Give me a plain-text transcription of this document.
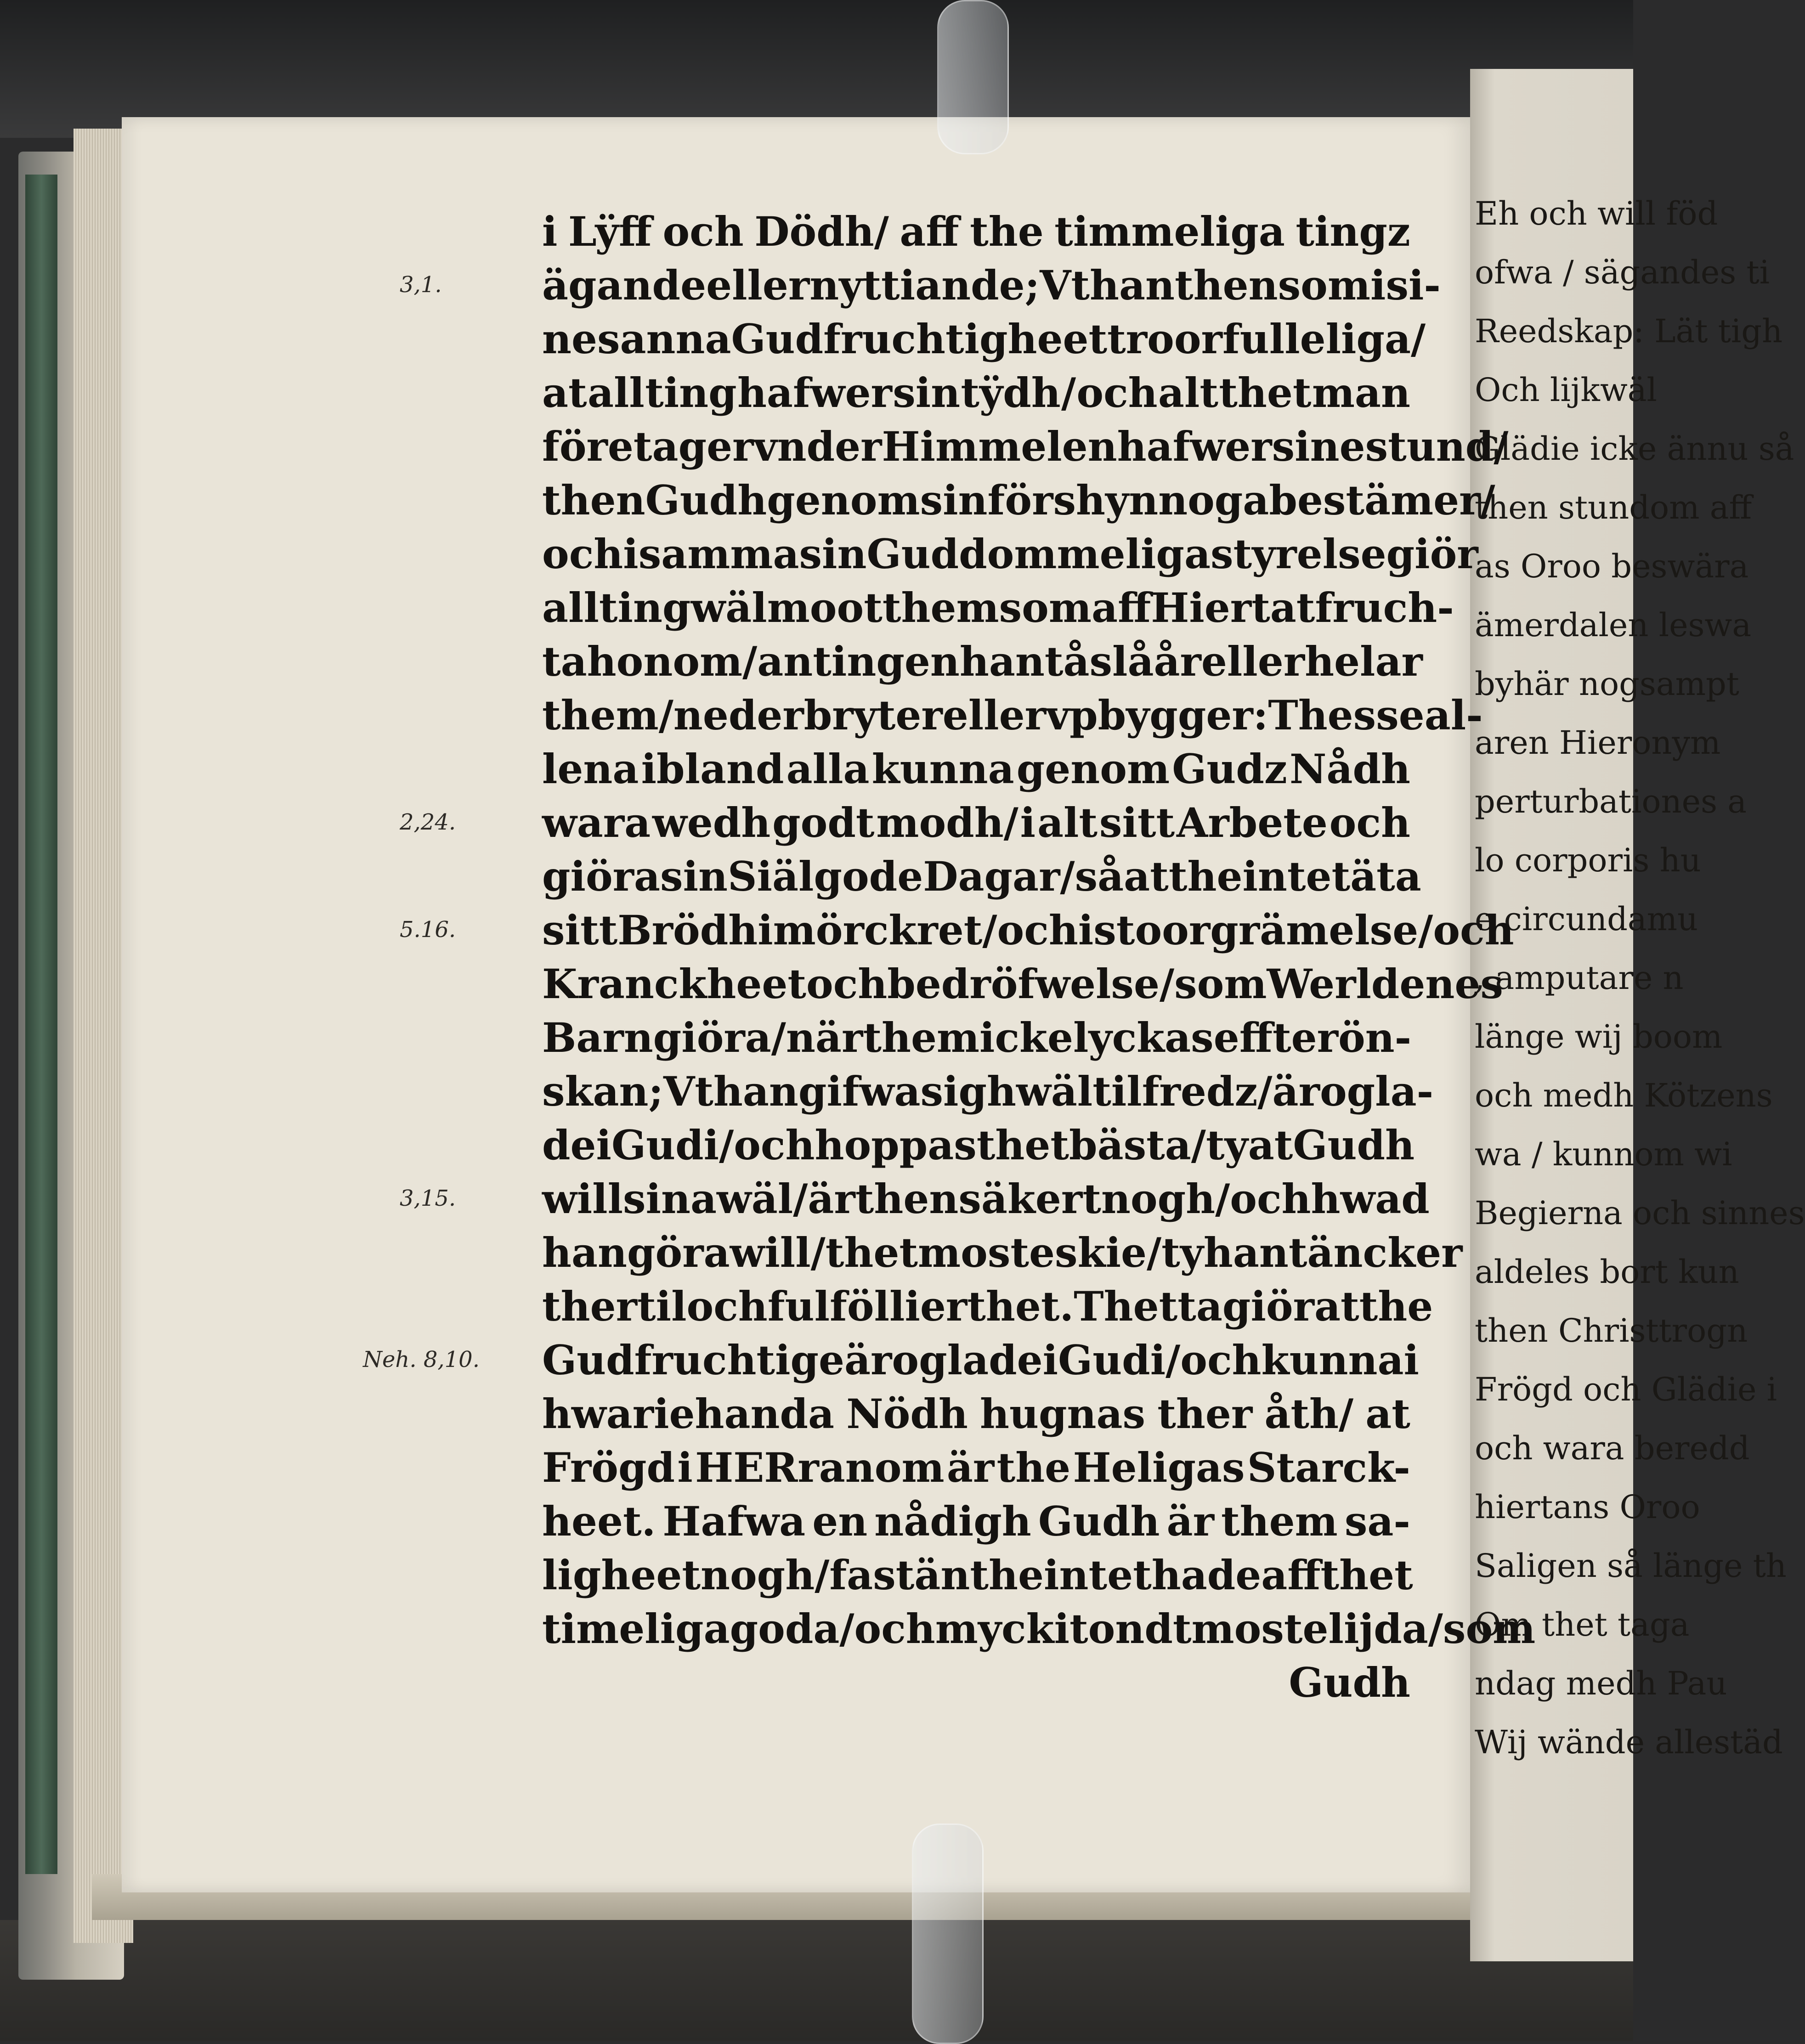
Eh och will föd
ofwa / sägandes ti
Reedskap: Lät tigh
Och lijkwäl
Glädie icke ännu så
then stundom aff
as Oroo beswära
ämerdalen leswa
byhär nogsampt
aren Hieronym
perturbationes a
lo corporis hu
e circundamu
, amputare n
länge wij boom
och medh Kötzens
wa / kunnom wi
Begierna och sinnes
aldeles bort kun
then Christtrogn
Frögd och Glädie i
och wara beredd
hiertans Oroo
Saligen så länge th
Om thet taga
ndag medh Pau
Wij wände allestäd
i Lÿff och Dödh/ aff the timmeliga tingz
ägande eller nyttiande; Vthan then som i si-
ne sanna Gudfruchtigheet troor fulleliga /
at all ting hafwer sin tÿdh / och alt thet man
företager vnder Himmelen hafwer sine stund/
then Gudh genom sin förshyn noga bestämer/
och i samma sin Guddommeliga styrelse giör
all ting wäl moot them som aff Hiertat fruch-
ta honom / antingen han tå slåår eller helar
them/ nederbryter eller vpbygger: Thesse al-
lena ibland alla kunna genom Gudz Nådh
wara wedh godt modh/ i alt sitt Arbete och
giöra sin Siäl gode Dagar/ så at the intet äta
sitt Brödh i mörckret/ och i stoor grämelse/och
Kranckheet och bedröfwelse/ som Werldenes
Barn giöra/ när them icke lyckas effter ön-
skan; Vthan gifwa sigh wäl til fredz/äro gla-
de i Gudi/ och hoppas thet bästa/ ty at Gudh
will sina wäl / är then säkert nogh / och hwad
han göra will/ thet moste skie/ ty han täncker
ther til och fulföllier thet. Thetta giör at the
Gudfruchtige äro glade i Gudi/ och kunna i
hwariehanda Nödh hugnas ther åth/ at
Frögd i HERranom är the Heligas Starck-
heet. Hafwa en nådigh Gudh är them sa-
ligheet nogh / fast än the intet hade aff thet
timeliga goda/och myckit ondt moste lijda/som
Gudh
3,1.
2,24.
5.16.
3,15.
Neh. 8,10.
